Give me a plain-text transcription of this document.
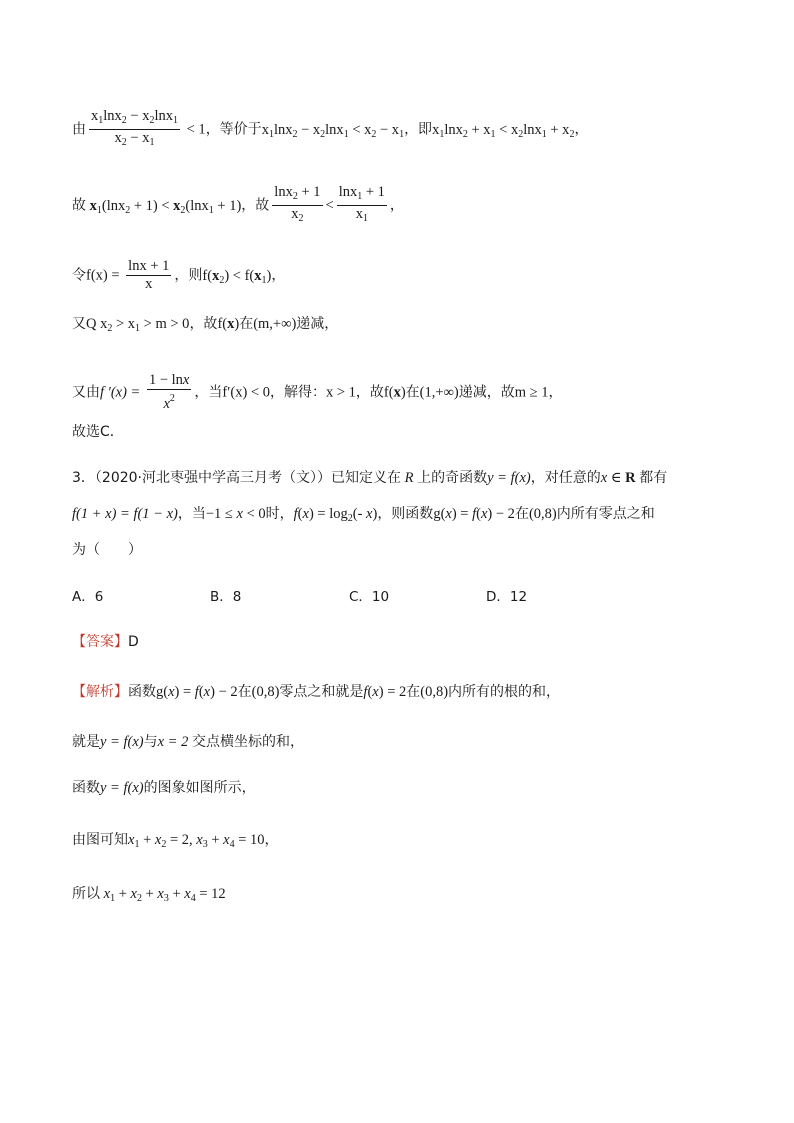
由 $\frac{x_1\ln x_2 - x_2\ln x_1}{x_2 - x_1} < 1$，等价于$x_1\ln x_2 - x_2\ln x_1 < x_2 - x_1$，即$x_1\ln x_2 + x_1 < x_2\ln x_1 + x_2$，
故 $x_1(\ln x_2 + 1) < x_2(\ln x_1 + 1)$，故 $\frac{\ln x_2 + 1}{x_2} < \frac{\ln x_1 + 1}{x_1}$ ，
令$f(x) = \frac{\ln x + 1}{x}$ ，则$f(x_2) < f(x_1)$，
又Q $x_2 > x_1 > m > 0$，故f(x)在(m,+∞)递减，
又由f $'(x) = \frac{1 - \ln x}{x^2}$ ，当f′(x) < 0，解得：x > 1，故f(x)在(1,+∞)递减，故m ≥ 1，
故选C．
3．（2020·河北枣强中学高三月考（文））已知定义在 R 上的奇函数y = f(x)，对任意的x ∈ R 都有
f(1 + x) = f(1 − x)，当−1 ≤ x < 0时，$f(x) = \log_2(-$ x)，则函数g(x) = f(x) − 2在(0,8)内所有零点之和
为（　　）
A．6	B．8	C．10	D．12
【答案】D
【解析】函数g(x) = f(x) − 2在(0,8)零点之和就是f(x) = 2在(0,8)内所有的根的和，
就是y = f(x)与x = 2 交点横坐标的和，
函数y = f(x)的图象如图所示，
由图可知$x_1 + x_2 = 2$, $x_3 + x_4 = 10$，
所以 $x_1 + x_2 + x_3 + x_4 = 12$
